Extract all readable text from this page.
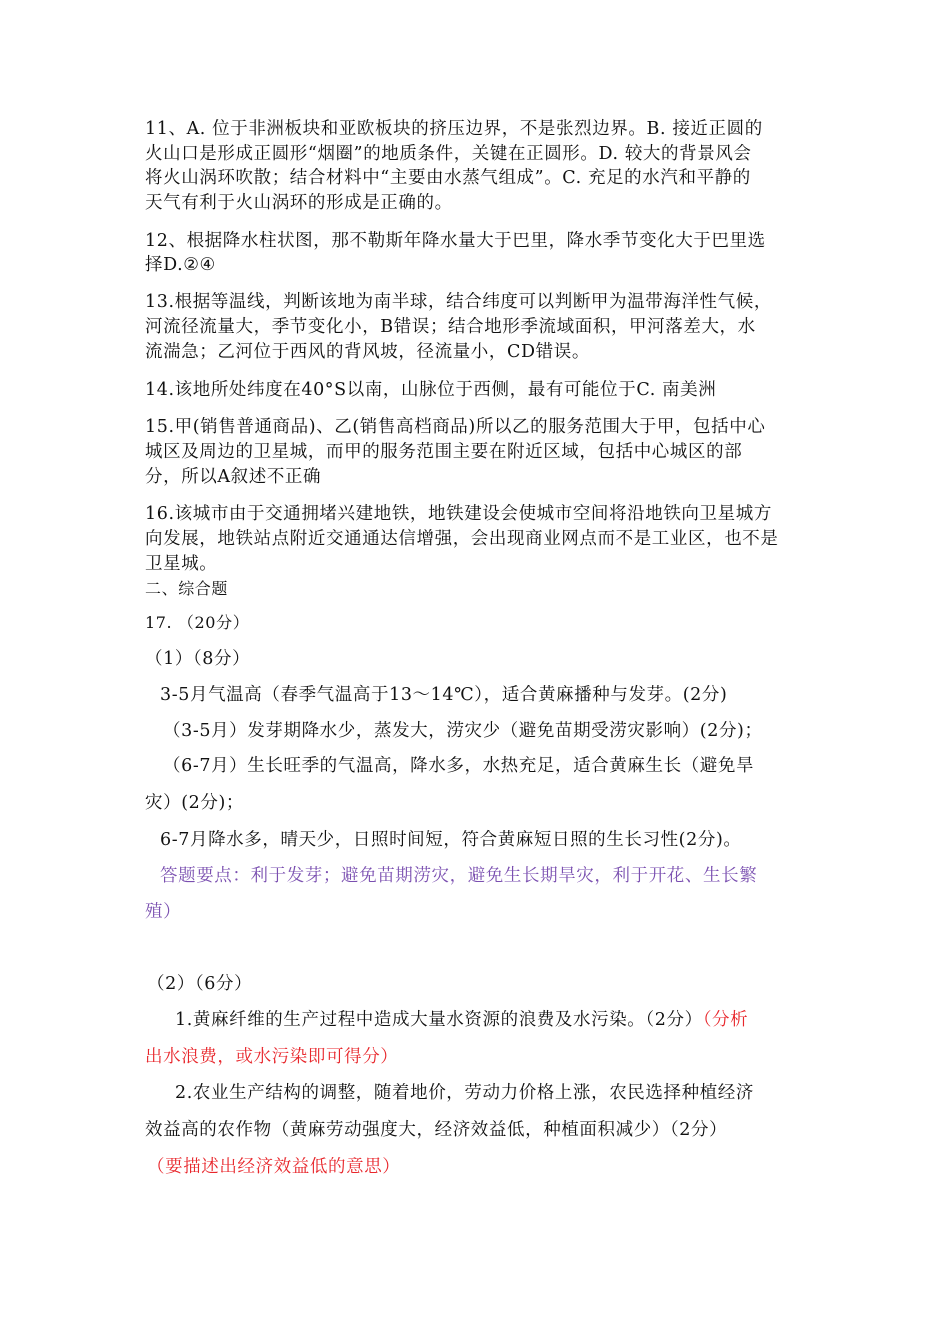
11、A. 位于非洲板块和亚欧板块的挤压边界，不是张烈边界。B. 接近正圆的
火山口是形成正圆形“烟圈”的地质条件，关键在正圆形。D. 较大的背景风会
将火山涡环吹散；结合材料中“主要由水蒸气组成”。C. 充足的水汽和平静的
天气有利于火山涡环的形成是正确的。
12、根据降水柱状图，那不勒斯年降水量大于巴里，降水季节变化大于巴里选
择D.②④
13.根据等温线，判断该地为南半球，结合纬度可以判断甲为温带海洋性气候，
河流径流量大，季节变化小，B错误；结合地形季流域面积，甲河落差大，水
流湍急；乙河位于西风的背风坡，径流量小，CD错误。
14.该地所处纬度在40°S以南，山脉位于西侧，最有可能位于C. 南美洲
15.甲(销售普通商品)、乙(销售高档商品)所以乙的服务范围大于甲，包括中心
城区及周边的卫星城，而甲的服务范围主要在附近区域，包括中心城区的部
分，所以A叙述不正确
16.该城市由于交通拥堵兴建地铁，地铁建设会使城市空间将沿地铁向卫星城方
向发展，地铁站点附近交通通达信增强，会出现商业网点而不是工业区，也不是
卫星城。
二、综合题
17. （20分）
（1）（8分）
3-5月气温高（春季气温高于13～14℃），适合黄麻播种与发芽。(2分)
（3-5月）发芽期降水少，蒸发大，涝灾少（避免苗期受涝灾影响）(2分)；
（6-7月）生长旺季的气温高，降水多，水热充足，适合黄麻生长（避免旱
灾）(2分)；
6-7月降水多，晴天少，日照时间短，符合黄麻短日照的生长习性(2分)。
答题要点：利于发芽；避免苗期涝灾，避免生长期旱灾，利于开花、生长繁
殖）
（2）（6分）
1.黄麻纤维的生产过程中造成大量水资源的浪费及水污染。（2分）（分析
出水浪费，或水污染即可得分）
2.农业生产结构的调整，随着地价，劳动力价格上涨，农民选择种植经济
效益高的农作物（黄麻劳动强度大，经济效益低，种植面积减少）（2分）
（要描述出经济效益低的意思）
